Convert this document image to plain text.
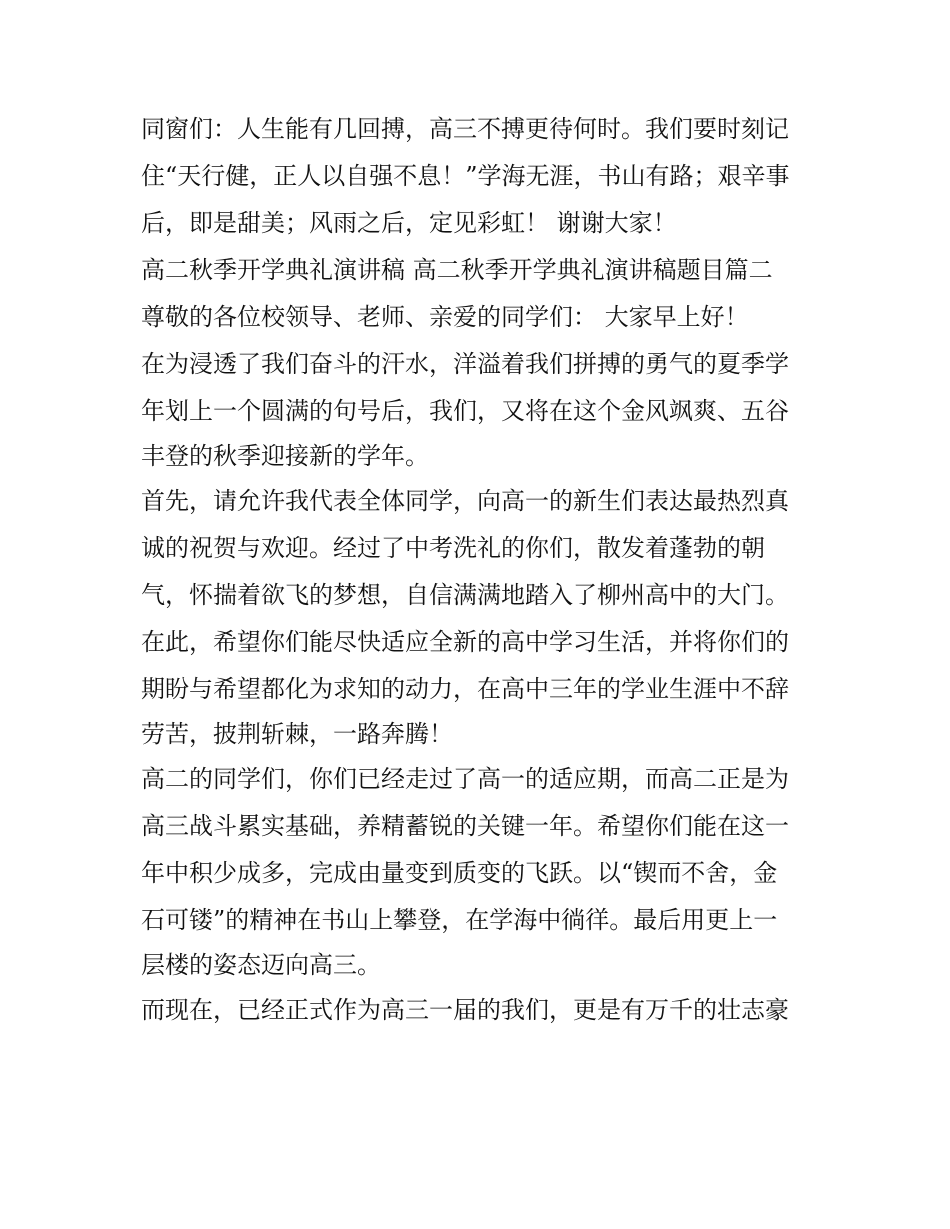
同窗们：人生能有几回搏，高三不搏更待何时。我们要时刻记
住“天行健，正人以自强不息！”学海无涯，书山有路；艰辛事
后，即是甜美；风雨之后，定见彩虹！ 谢谢大家！
高二秋季开学典礼演讲稿 高二秋季开学典礼演讲稿题目篇二
尊敬的各位校领导、老师、亲爱的同学们： 大家早上好！
在为浸透了我们奋斗的汗水，洋溢着我们拼搏的勇气的夏季学
年划上一个圆满的句号后，我们，又将在这个金风飒爽、五谷
丰登的秋季迎接新的学年。
首先，请允许我代表全体同学，向高一的新生们表达最热烈真
诚的祝贺与欢迎。经过了中考洗礼的你们，散发着蓬勃的朝
气，怀揣着欲飞的梦想，自信满满地踏入了柳州高中的大门。
在此，希望你们能尽快适应全新的高中学习生活，并将你们的
期盼与希望都化为求知的动力，在高中三年的学业生涯中不辞
劳苦，披荆斩棘，一路奔腾！
高二的同学们，你们已经走过了高一的适应期，而高二正是为
高三战斗累实基础，养精蓄锐的关键一年。希望你们能在这一
年中积少成多，完成由量变到质变的飞跃。以“锲而不舍，金
石可镂”的精神在书山上攀登，在学海中徜徉。最后用更上一
层楼的姿态迈向高三。
而现在，已经正式作为高三一届的我们，更是有万千的壮志豪
